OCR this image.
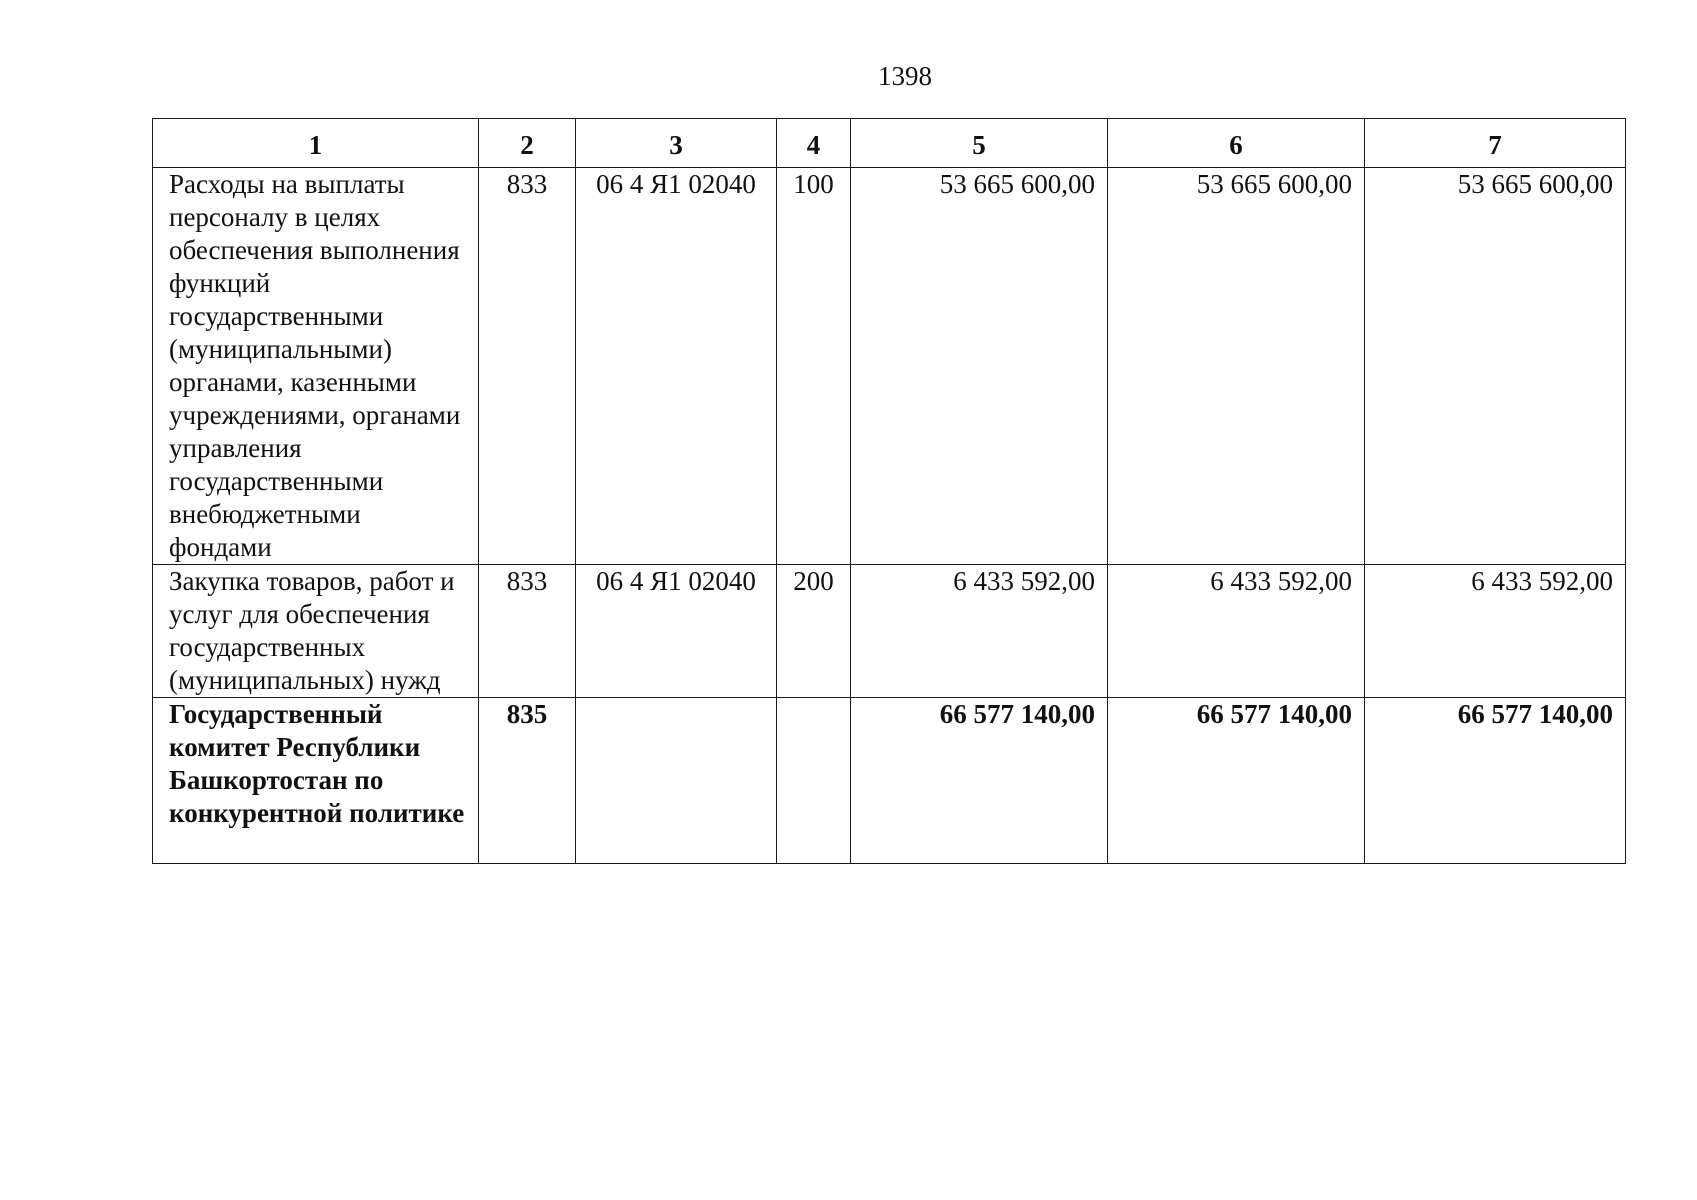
1398
1	2	3	4	5	6	7
Расходы на выплаты персоналу в целях обеспечения выполнения функций государственными (муниципальными) органами, казенными учреждениями, органами управления государственными внебюджетными фондами	833	06 4 Я1 02040	100	53 665 600,00	53 665 600,00	53 665 600,00
Закупка товаров, работ и услуг для обеспечения государственных (муниципальных) нужд	833	06 4 Я1 02040	200	6 433 592,00	6 433 592,00	6 433 592,00
Государственный комитет Республики Башкортостан по конкурентной политике	835			66 577 140,00	66 577 140,00	66 577 140,00
